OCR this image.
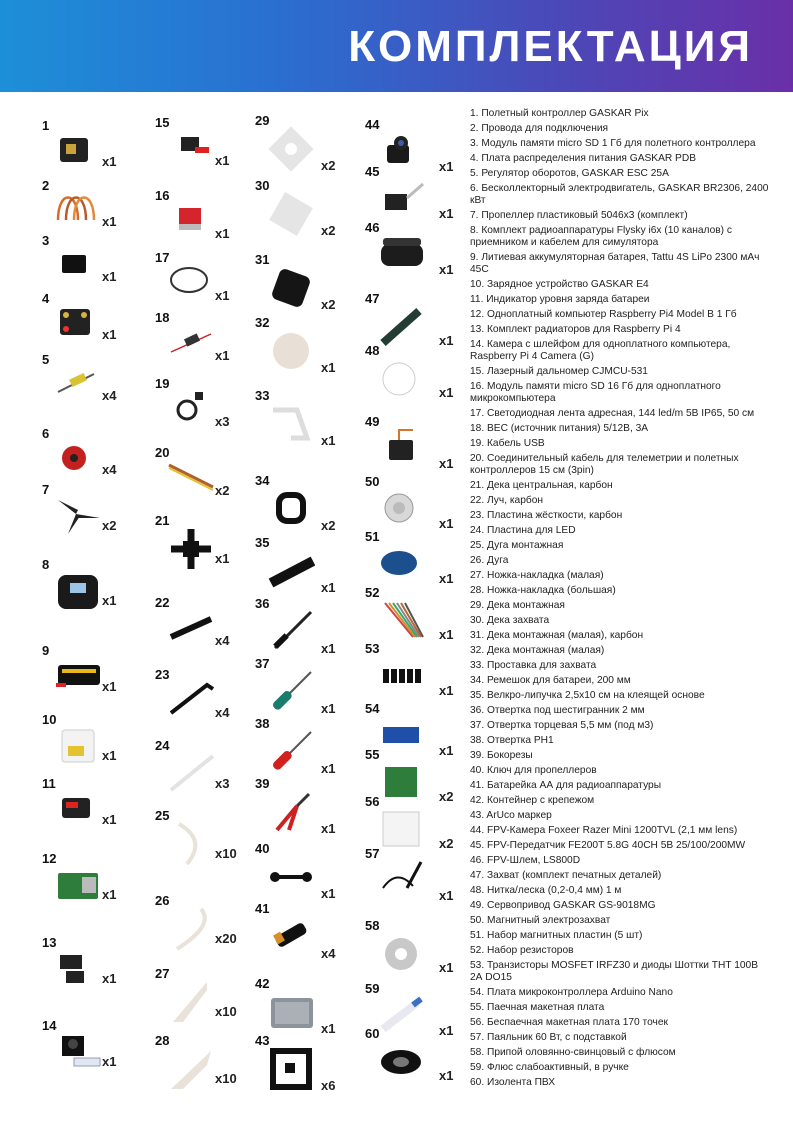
КОМПЛЕКТАЦИЯ
1
x1
2
x1
3
x1
4
x1
5
x4
6
x4
7
x2
8
x1
9
x1
10
x1
11
x1
12
x1
13
x1
14
x1
15
x1
16
x1
17
x1
18
x1
19
x3
20
x2
21
x1
22
x4
23
x4
24
x3
25
x10
26
x20
27
x10
28
x10
29
x2
30
x2
31
x2
32
x1
33
x1
34
x2
35
x1
36
x1
37
x1
38
x1
39
x1
40
x1
41
x4
42
x1
43
x6
44
x1
45
x1
46
x1
47
x1
48
x1
49
x1
50
x1
51
x1
52
x1
53
x1
54
x1
55
x2
56
x2
57
x1
58
x1
59
x1
60
x1
1. Полетный контроллер GASKAR Pix
2. Провода для подключения
3. Модуль памяти micro SD 1 Гб для полетного контроллера
4. Плата распределения питания GASKAR PDB
5. Регулятор оборотов, GASKAR ESC 25A
6. Бесколлекторный электродвигатель, GASKAR BR2306, 2400 кВт
7. Пропеллер пластиковый 5046х3 (комплект)
8. Комплект радиоаппаратуры Flysky i6x (10 каналов) с приемником и кабелем для симулятора
9. Литиевая аккумуляторная батарея, Tattu 4S LiPo 2300 мАч 45С
10. Зарядное устройство GASKAR E4
11. Индикатор уровня заряда батареи
12. Одноплатный компьютер Raspberry Pi4 Model B 1 Гб
13. Комплект радиаторов для Raspberry Pi 4
14. Камера с шлейфом для одноплатного компьютера, Raspberry Pi 4 Camera (G)
15. Лазерный дальномер CJMCU-531
16. Модуль памяти micro SD 16 Гб для одноплатного микрокомпьютера
17. Светодиодная лента адресная, 144 led/m 5В IP65, 50 см
18. ВЕС (источник питания) 5/12В, 3А
19. Кабель USB
20. Соединительный кабель для телеметрии и полетных контроллеров 15 см (3pin)
21. Дека центральная, карбон
22. Луч, карбон
23. Пластина жёсткости, карбон
24. Пластина для LED
25. Дуга монтажная
26. Дуга
27. Ножка-накладка (малая)
28. Ножка-накладка (большая)
29. Дека монтажная
30. Дека захвата
31. Дека монтажная (малая), карбон
32. Дека монтажная (малая)
33. Проставка для захвата
34. Ремешок для батареи, 200 мм
35. Велкро-липучка 2,5х10 см на клеящей основе
36. Отвертка под шестигранник 2 мм
37. Отвертка торцевая 5,5 мм (под м3)
38. Отвертка PH1
39. Бокорезы
40. Ключ для пропеллеров
41. Батарейка АА для радиоаппаратуры
42. Контейнер с крепежом
43. ArUco маркер
44. FPV-Камера Foxeer Razer Mini 1200TVL (2,1 мм lens)
45. FPV-Передатчик FE200T 5.8G 40CH 5В 25/100/200MW
46. FPV-Шлем, LS800D
47. Захват (комплект печатных деталей)
48. Нитка/леска (0,2-0,4 мм) 1 м
49. Сервопривод GASKAR GS-9018MG
50. Магнитный электрозахват
51. Набор магнитных пластин (5 шт)
52. Набор резисторов
53. Транзисторы MOSFET IRFZ30 и диоды Шоттки THT 100В 2А DO15
54. Плата микроконтроллера Arduino Nano
55. Паечная макетная плата
56. Беспаечная макетная плата 170 точек
57. Паяльник 60 Вт, с подставкой
58. Припой оловянно-свинцовый с флюсом
59. Флюс слабоактивный, в ручке
60. Изолента ПВХ
